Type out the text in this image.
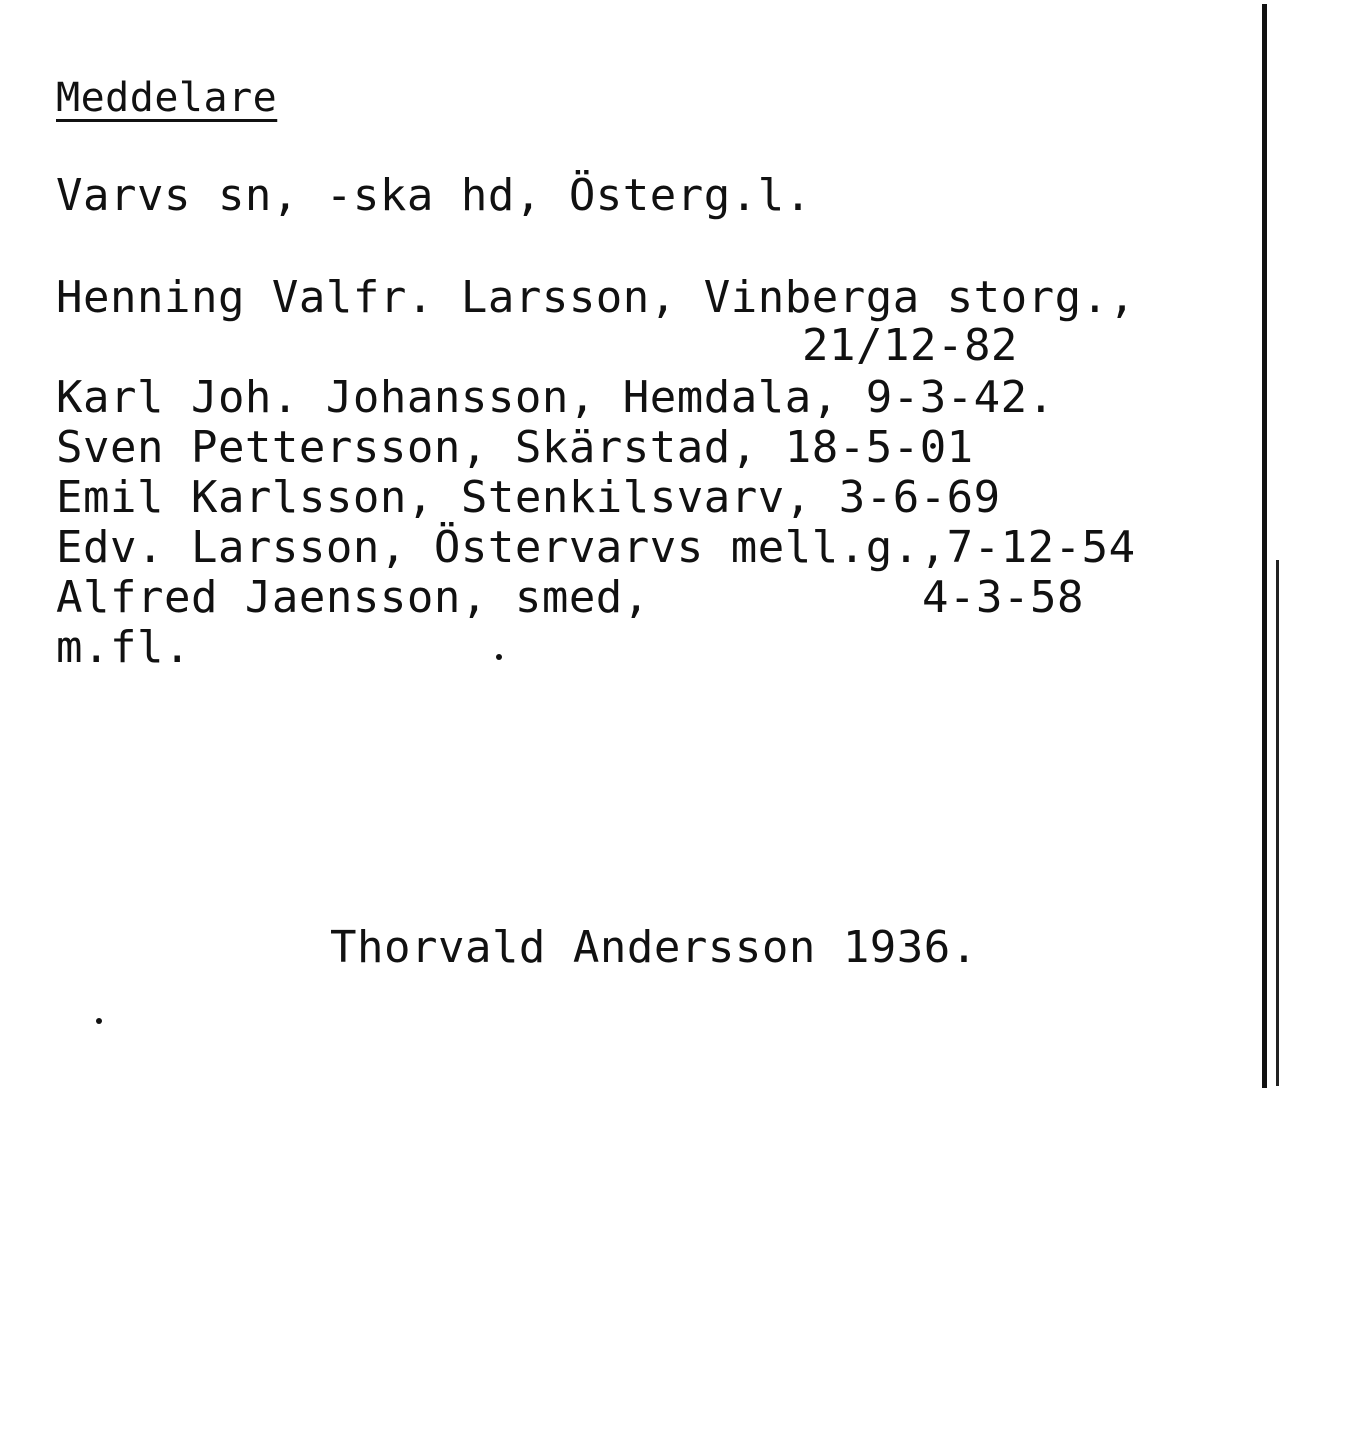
Meddelare
Varvs sn, -ska hd, Österg.l.
Henning Valfr. Larsson, Vinberga storg.,
21/12-82
Karl Joh. Johansson, Hemdala, 9-3-42.
Sven Pettersson, Skärstad, 18-5-01
Emil Karlsson, Stenkilsvarv, 3-6-69
Edv. Larsson, Östervarvs mell.g.,7-12-54
Alfred Jaensson, smed,	4-3-58
m.fl.
Thorvald Andersson 1936.
